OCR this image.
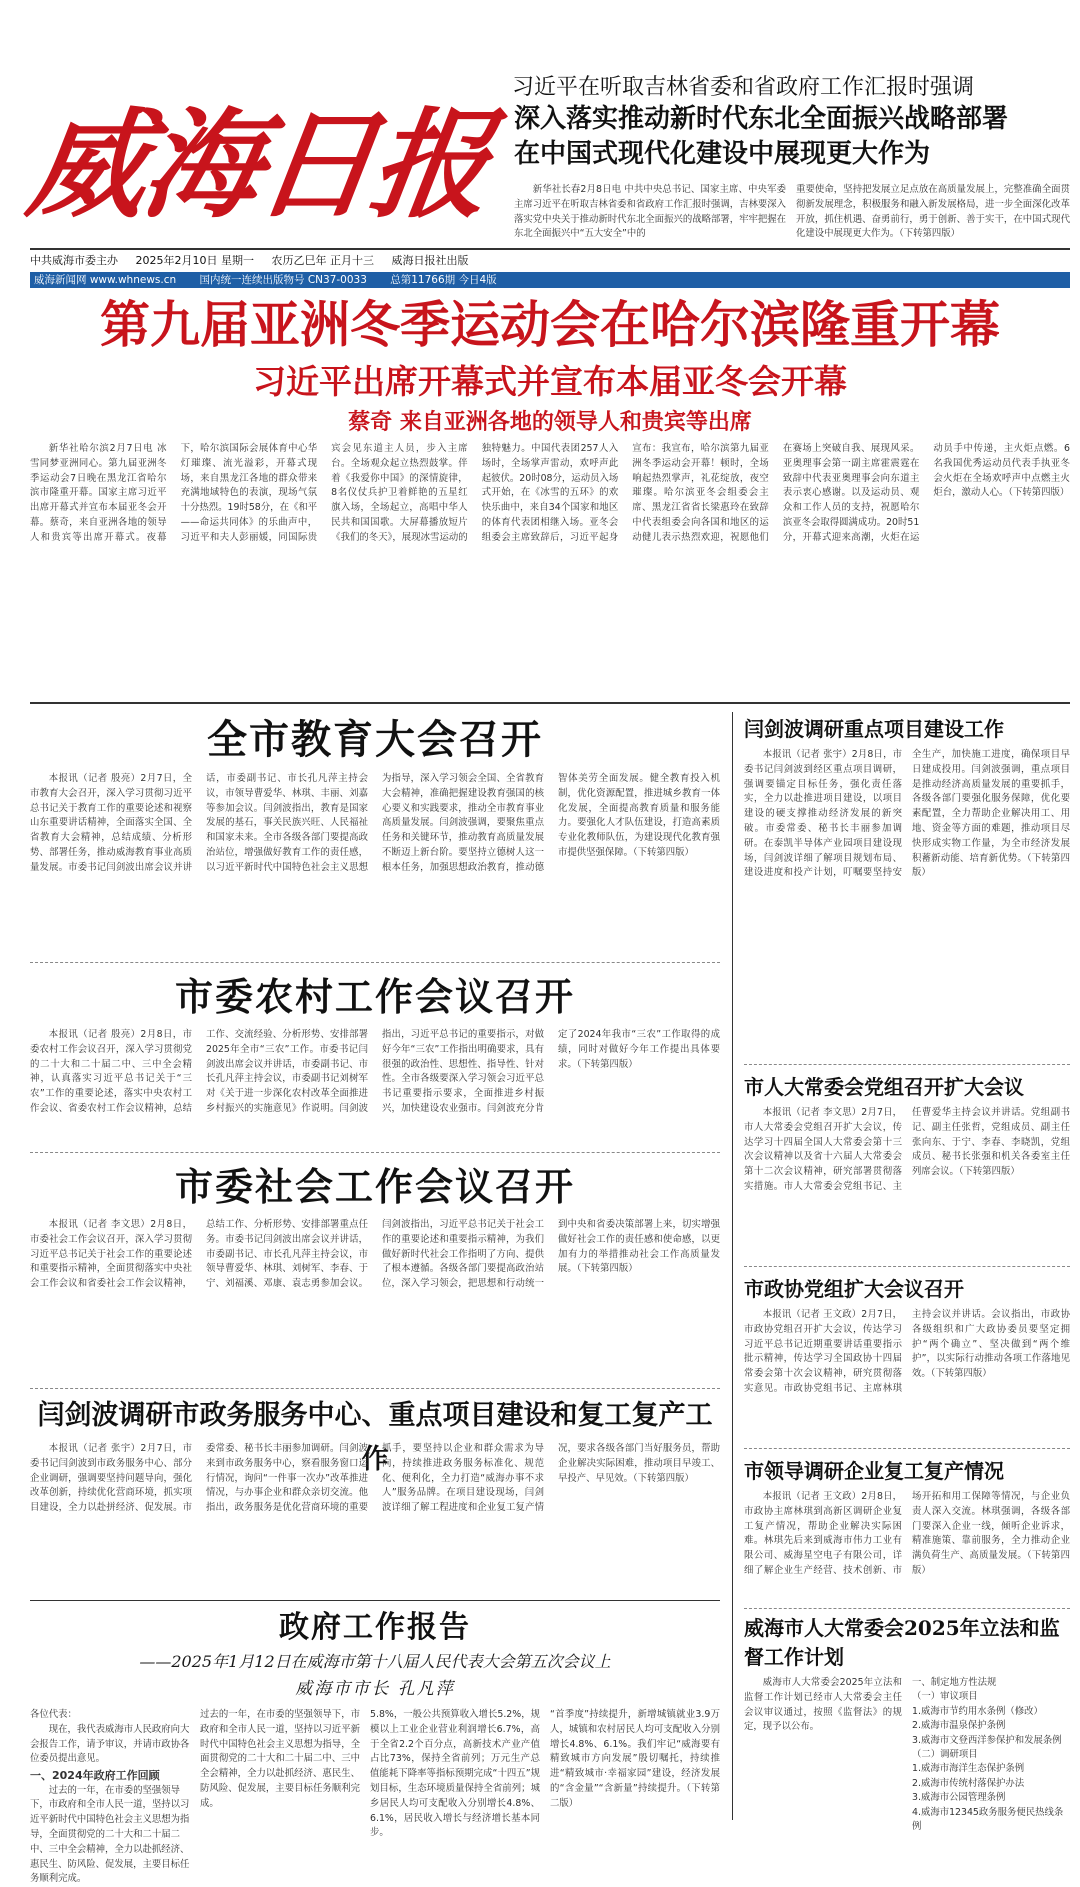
威海日报
习近平在听取吉林省委和省政府工作汇报时强调
深入落实推动新时代东北全面振兴战略部署
在中国式现代化建设中展现更大作为
新华社长春2月8日电 中共中央总书记、国家主席、中央军委主席习近平在听取吉林省委和省政府工作汇报时强调，吉林要深入落实党中央关于推动新时代东北全面振兴的战略部署，牢牢把握在东北全面振兴中“五大安全”中的
重要使命，坚持把发展立足点放在高质量发展上，完整准确全面贯彻新发展理念，积极服务和融入新发展格局，进一步全面深化改革开放，抓住机遇、奋勇前行，勇于创新、善于实干，在中国式现代化建设中展现更大作为。（下转第四版）
中共威海市委主办 2025年2月10日 星期一 农历乙巳年 正月十三 威海日报社出版
威海新闻网 www.whnews.cn 国内统一连续出版物号 CN37-0033 总第11766期 今日4版
第九届亚洲冬季运动会在哈尔滨隆重开幕
习近平出席开幕式并宣布本届亚冬会开幕
蔡奇 来自亚洲各地的领导人和贵宾等出席
新华社哈尔滨2月7日电 冰雪同梦亚洲同心。第九届亚洲冬季运动会7日晚在黑龙江省哈尔滨市隆重开幕。国家主席习近平出席开幕式并宣布本届亚冬会开幕。蔡奇，来自亚洲各地的领导人和贵宾等出席开幕式。夜幕下，哈尔滨国际会展体育中心华灯璀璨、流光溢彩，开幕式现场，来自黑龙江各地的群众带来充满地域特色的表演，现场气氛十分热烈。19时58分，在《和平——命运共同体》的乐曲声中，习近平和夫人彭丽媛，同国际贵宾会见东道主人员，步入主席台。全场观众起立热烈鼓掌。伴着《我爱你中国》的深情旋律，8名仪仗兵护卫着鲜艳的五星红旗入场，全场起立，高唱中华人民共和国国歌。大屏幕播放短片《我们的冬天》，展现冰雪运动的独特魅力。中国代表团257人入场时，全场掌声雷动，欢呼声此起彼伏。20时08分，运动员入场式开始，在《冰雪的五环》的欢快乐曲中，来自34个国家和地区的体育代表团相继入场。亚冬会组委会主席致辞后，习近平起身宣布：我宣布，哈尔滨第九届亚洲冬季运动会开幕！顿时，全场响起热烈掌声，礼花绽放，夜空璀璨。哈尔滨亚冬会组委会主席、黑龙江省省长梁惠玲在致辞中代表组委会向各国和地区的运动健儿表示热烈欢迎，祝愿他们在赛场上突破自我、展现风采。亚奥理事会第一副主席霍震霆在致辞中代表亚奥理事会向东道主表示衷心感谢。以及运动员、观众和工作人员的支持，祝愿哈尔滨亚冬会取得圆满成功。20时51分，开幕式迎来高潮，火炬在运动员手中传递，主火炬点燃。6名我国优秀运动员代表手执亚冬会火炬在全场欢呼声中点燃主火炬台，激动人心。（下转第四版）
全市教育大会召开
本报讯（记者 殷亮）2月7日，全市教育大会召开，深入学习贯彻习近平总书记关于教育工作的重要论述和视察山东重要讲话精神，全面落实全国、全省教育大会精神，总结成绩、分析形势、部署任务，推动威海教育事业高质量发展。市委书记闫剑波出席会议并讲话，市委副书记、市长孔凡萍主持会议，市领导曹爱华、林琪、丰丽、刘嘉等参加会议。闫剑波指出，教育是国家发展的基石，事关民族兴旺、人民福祉和国家未来。全市各级各部门要提高政治站位，增强做好教育工作的责任感，以习近平新时代中国特色社会主义思想为指导，深入学习领会全国、全省教育大会精神，准确把握建设教育强国的核心要义和实践要求，推动全市教育事业高质量发展。闫剑波强调，要聚焦重点任务和关键环节，推动教育高质量发展不断迈上新台阶。要坚持立德树人这一根本任务，加强思想政治教育，推动德智体美劳全面发展。健全教育投入机制，优化资源配置，推进城乡教育一体化发展，全面提高教育质量和服务能力。要强化人才队伍建设，打造高素质专业化教师队伍，为建设现代化教育强市提供坚强保障。（下转第四版）
市委农村工作会议召开
本报讯（记者 殷亮）2月8日，市委农村工作会议召开，深入学习贯彻党的二十大和二十届二中、三中全会精神，认真落实习近平总书记关于“三农”工作的重要论述，落实中央农村工作会议、省委农村工作会议精神，总结工作、交流经验、分析形势、安排部署2025年全市“三农”工作。市委书记闫剑波出席会议并讲话，市委副书记、市长孔凡萍主持会议，市委副书记刘树军对《关于进一步深化农村改革全面推进乡村振兴的实施意见》作说明。闫剑波指出，习近平总书记的重要指示，对做好今年“三农”工作指出明确要求，具有很强的政治性、思想性、指导性、针对性。全市各级要深入学习领会习近平总书记重要指示要求，全面推进乡村振兴，加快建设农业强市。闫剑波充分肯定了2024年我市“三农”工作取得的成绩，同时对做好今年工作提出具体要求。（下转第四版）
市委社会工作会议召开
本报讯（记者 李文思）2月8日，市委社会工作会议召开，深入学习贯彻习近平总书记关于社会工作的重要论述和重要指示精神，全面贯彻落实中央社会工作会议和省委社会工作会议精神，总结工作、分析形势、安排部署重点任务。市委书记闫剑波出席会议并讲话，市委副书记、市长孔凡萍主持会议，市领导曹爱华、林琪、刘树军、李春、于宁、刘福溪、邓康、袁志勇参加会议。闫剑波指出，习近平总书记关于社会工作的重要论述和重要指示精神，为我们做好新时代社会工作指明了方向、提供了根本遵循。各级各部门要提高政治站位，深入学习领会，把思想和行动统一到中央和省委决策部署上来，切实增强做好社会工作的责任感和使命感，以更加有力的举措推动社会工作高质量发展。（下转第四版）
闫剑波调研市政务服务中心、重点项目建设和复工复产工作
本报讯（记者 张宇）2月7日，市委书记闫剑波到市政务服务中心、部分企业调研，强调要坚持问题导向，强化改革创新，持续优化营商环境，抓实项目建设，全力以赴拼经济、促发展。市委常委、秘书长丰丽参加调研。闫剑波来到市政务服务中心，察看服务窗口运行情况，询问“一件事一次办”改革推进情况，与办事企业和群众亲切交流。他指出，政务服务是优化营商环境的重要抓手，要坚持以企业和群众需求为导向，持续推进政务服务标准化、规范化、便利化，全力打造“威海办事不求人”服务品牌。在项目建设现场，闫剑波详细了解工程进度和企业复工复产情况，要求各级各部门当好服务员，帮助企业解决实际困难，推动项目早竣工、早投产、早见效。（下转第四版）
政府工作报告
——2025年1月12日在威海市第十八届人民代表大会第五次会议上
威海市市长 孔凡萍
各位代表：
现在，我代表威海市人民政府向大会报告工作，请予审议，并请市政协各位委员提出意见。
一、2024年政府工作回顾
过去的一年，在市委的坚强领导下，市政府和全市人民一道，坚持以习近平新时代中国特色社会主义思想为指导，全面贯彻党的二十大和二十届二中、三中全会精神，全力以赴抓经济、惠民生、防风险、促发展，主要目标任务顺利完成。
过去的一年，在市委的坚强领导下，市政府和全市人民一道，坚持以习近平新时代中国特色社会主义思想为指导，全面贯彻党的二十大和二十届二中、三中全会精神，全力以赴抓经济、惠民生、防风险、促发展，主要目标任务顺利完成。
5.8%，一般公共预算收入增长5.2%，规模以上工业企业营业利润增长6.7%，高于全省2.2个百分点，高新技术产业产值占比73%，保持全省前列；万元生产总值能耗下降率等指标预期完成“十四五”规划目标，生态环境质量保持全省前列；城乡居民人均可支配收入分别增长4.8%、6.1%，居民收入增长与经济增长基本同步。
“首季度”持续提升，新增城镇就业3.9万人，城镇和农村居民人均可支配收入分别增长4.8%、6.1%。我们牢记“威海要有精致城市方向发展”殷切嘱托，持续推进“精致城市·幸福家园”建设，经济发展的“含金量”“含新量”持续提升。（下转第二版）
闫剑波调研重点项目建设工作
本报讯（记者 张宇）2月8日，市委书记闫剑波到经区重点项目调研，强调要锚定目标任务，强化责任落实，全力以赴推进项目建设，以项目建设的硬支撑推动经济发展的新突破。市委常委、秘书长丰丽参加调研。在泰凯半导体产业园项目建设现场，闫剑波详细了解项目规划布局、建设进度和投产计划，叮嘱要坚持安全生产，加快施工进度，确保项目早日建成投用。闫剑波强调，重点项目是推动经济高质量发展的重要抓手，各级各部门要强化服务保障，优化要素配置，全力帮助企业解决用工、用地、资金等方面的难题，推动项目尽快形成实物工作量，为全市经济发展积蓄新动能、培育新优势。（下转第四版）
市人大常委会党组召开扩大会议
本报讯（记者 李文思）2月7日，市人大常委会党组召开扩大会议，传达学习十四届全国人大常委会第十三次会议精神以及省十六届人大常委会第十二次会议精神，研究部署贯彻落实措施。市人大常委会党组书记、主任曹爱华主持会议并讲话。党组副书记、副主任张哲，党组成员、副主任张向东、于宁、李春、李晓凯，党组成员、秘书长张强和机关各委室主任列席会议。（下转第四版）
市政协党组扩大会议召开
本报讯（记者 王文政）2月7日，市政协党组召开扩大会议，传达学习习近平总书记近期重要讲话重要指示批示精神，传达学习全国政协十四届常委会第十次会议精神，研究贯彻落实意见。市政协党组书记、主席林琪主持会议并讲话。会议指出，市政协各级组织和广大政协委员要坚定拥护“两个确立”、坚决做到“两个维护”，以实际行动推动各项工作落地见效。（下转第四版）
市领导调研企业复工复产情况
本报讯（记者 王文政）2月8日，市政协主席林琪到高新区调研企业复工复产情况，帮助企业解决实际困难。林琪先后来到威海市伟力工业有限公司、威海星空电子有限公司，详细了解企业生产经营、技术创新、市场开拓和用工保障等情况，与企业负责人深入交流。林琪强调，各级各部门要深入企业一线，倾听企业诉求，精准施策、靠前服务，全力推动企业满负荷生产、高质量发展。（下转第四版）
威海市人大常委会2025年立法和监督工作计划
威海市人大常委会2025年立法和监督工作计划已经市人大常委会主任会议审议通过，按照《监督法》的规定，现予以公布。
一、制定地方性法规
（一）审议项目
1.威海市节约用水条例（修改）
2.威海市温泉保护条例
3.威海市文登西洋参保护和发展条例
（二）调研项目
1.威海市海洋生态保护条例
2.威海市传统村落保护办法
3.威海市公园管理条例
4.威海市12345政务服务便民热线条例
